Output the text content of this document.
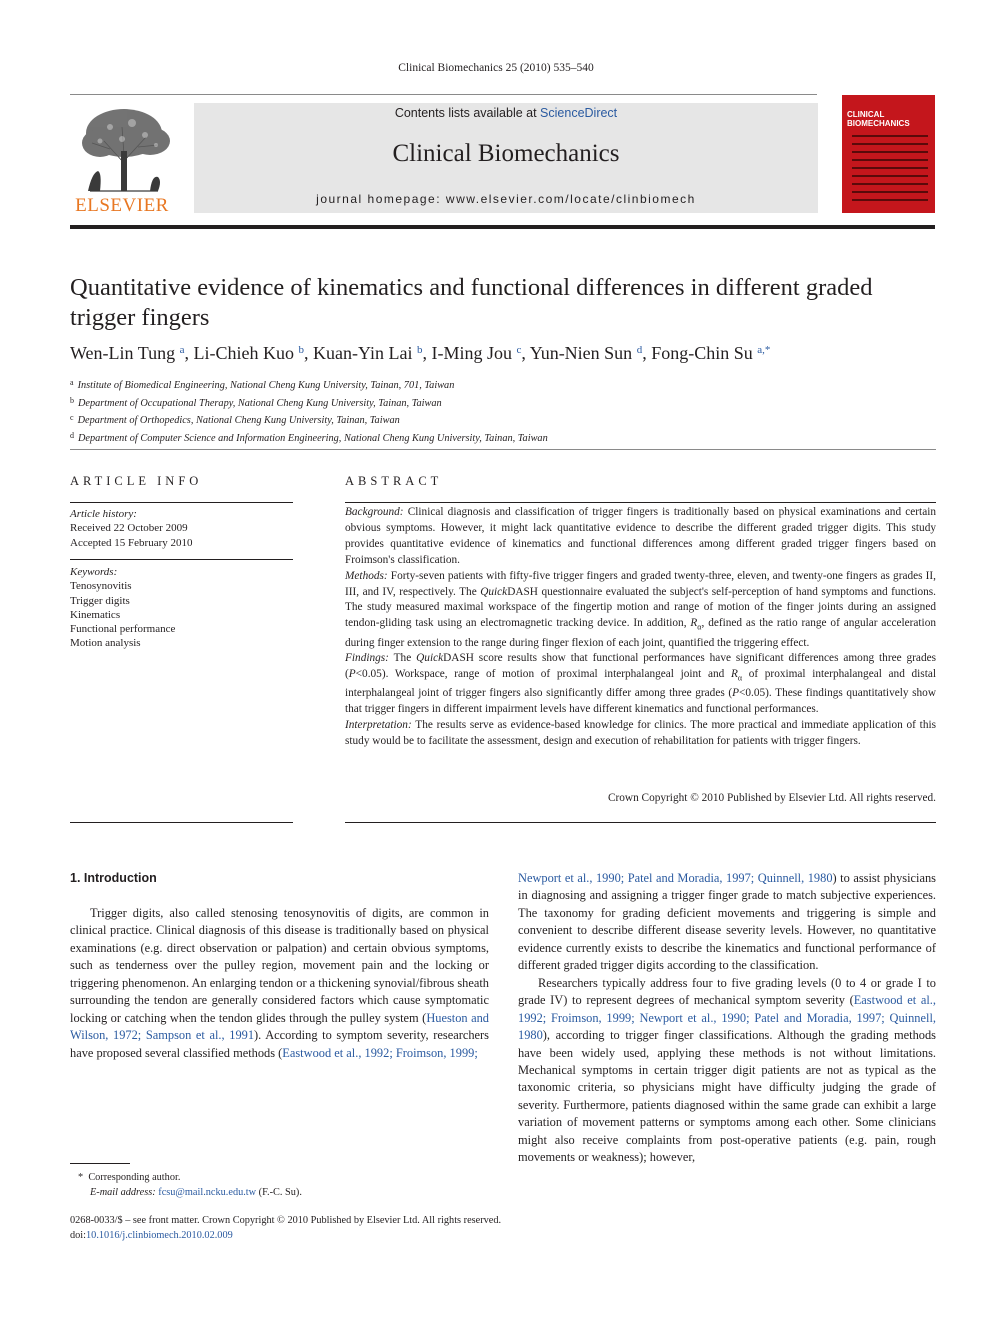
Clinical Biomechanics 25 (2010) 535–540
ELSEVIER
Contents lists available at ScienceDirect
Clinical Biomechanics
journal homepage: www.elsevier.com/locate/clinbiomech
CLINICAL
BIOMECHANICS
Quantitative evidence of kinematics and functional differences in different graded trigger fingers
Wen-Lin Tung $^a$, Li-Chieh Kuo $^b$, Kuan-Yin Lai $^b$, I-Ming Jou $^c$, Yun-Nien Sun $^d$, Fong-Chin Su $^{a,*}$
$^a$ Institute of Biomedical Engineering, National Cheng Kung University, Tainan, 701, Taiwan
$^b$ Department of Occupational Therapy, National Cheng Kung University, Tainan, Taiwan
$^c$ Department of Orthopedics, National Cheng Kung University, Tainan, Taiwan
$^d$ Department of Computer Science and Information Engineering, National Cheng Kung University, Tainan, Taiwan
ARTICLE INFO
Article history:
Received 22 October 2009
Accepted 15 February 2010
Keywords:
Tenosynovitis
Trigger digits
Kinematics
Functional performance
Motion analysis
ABSTRACT

Background: Clinical diagnosis and classification of trigger fingers is traditionally based on physical examinations and certain obvious symptoms. However, it might lack quantitative evidence to describe the different graded trigger digits. This study provides quantitative evidence of kinematics and functional differences among different graded trigger fingers based on Froimson's classification.

Methods: Forty-seven patients with fifty-five trigger fingers and graded twenty-three, eleven, and twenty-one fingers as grades II, III, and IV, respectively. The QuickDASH questionnaire evaluated the subject's self-perception of hand symptoms and functions. The study measured maximal workspace of the fingertip motion and range of motion of the finger joints during an assigned tendon-gliding task using an electromagnetic tracking device. In addition, $R_\alpha$, defined as the ratio range of angular acceleration during finger extension to the range during finger flexion of each joint, quantified the triggering effect.

Findings: The QuickDASH score results show that functional performances have significant differences among three grades (P<0.05). Workspace, range of motion of proximal interphalangeal joint and $R_\alpha$ of proximal interphalangeal and distal interphalangeal joint of trigger fingers also significantly differ among three grades (P<0.05). These findings quantitatively show that trigger fingers in different impairment levels have different kinematics and functional performances.

Interpretation: The results serve as evidence-based knowledge for clinics. The more practical and immediate application of this study would be to facilitate the assessment, design and execution of rehabilitation for patients with trigger fingers.

Crown Copyright © 2010 Published by Elsevier Ltd. All rights reserved.
1. Introduction

Trigger digits, also called stenosing tenosynovitis of digits, are common in clinical practice. Clinical diagnosis of this disease is traditionally based on physical examinations (e.g. direct observation or palpation) and certain obvious symptoms, such as tenderness over the pulley region, movement pain and the locking or triggering phenomenon. An enlarging tendon or a thickening synovial/fibrous sheath surrounding the tendon are generally considered factors which cause symptomatic locking or catching when the tendon glides through the pulley system (Hueston and Wilson, 1972; Sampson et al., 1991). According to symptom severity, researchers have proposed several classified methods (Eastwood et al., 1992; Froimson, 1999;

Newport et al., 1990; Patel and Moradia, 1997; Quinnell, 1980) to assist physicians in diagnosing and assigning a trigger finger grade to match subjective experiences. The taxonomy for grading deficient movements and triggering is simple and convenient to describe different disease severity levels. However, no quantitative evidence currently exists to describe the kinematics and functional performance of different graded trigger digits according to the classification.

Researchers typically address four to five grading levels (0 to 4 or grade I to grade IV) to represent degrees of mechanical symptom severity (Eastwood et al., 1992; Froimson, 1999; Newport et al., 1990; Patel and Moradia, 1997; Quinnell, 1980), according to trigger finger classifications. Although the grading methods have been widely used, applying these methods is not without limitations. Mechanical symptoms in certain trigger digit patients are not as typical as the taxonomic criteria, so physicians might have difficulty judging the grade of severity. Furthermore, patients diagnosed within the same grade can exhibit a large variation of movement patterns or symptoms among each other. Some clinicians might also receive complaints from post-operative patients (e.g. pain, rough movements or weakness); however,

* Corresponding author.
E-mail address: fcsu@mail.ncku.edu.tw (F.-C. Su).
0268-0033/$ – see front matter. Crown Copyright © 2010 Published by Elsevier Ltd. All rights reserved.
doi:10.1016/j.clinbiomech.2010.02.009
